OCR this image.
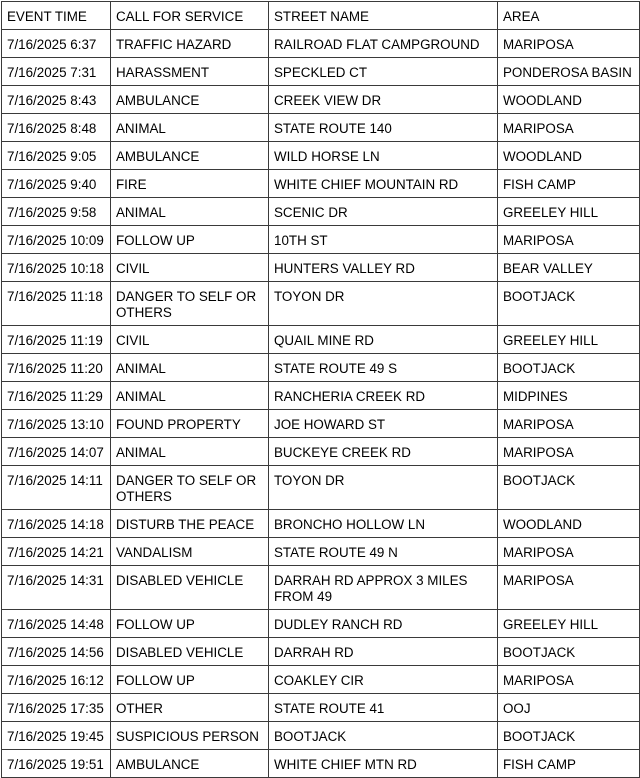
EVENT TIME	CALL FOR SERVICE	STREET NAME	AREA
7/16/2025 6:37	TRAFFIC HAZARD	RAILROAD FLAT CAMPGROUND	MARIPOSA
7/16/2025 7:31	HARASSMENT	SPECKLED CT	PONDEROSA BASIN
7/16/2025 8:43	AMBULANCE	CREEK VIEW DR	WOODLAND
7/16/2025 8:48	ANIMAL	STATE ROUTE 140	MARIPOSA
7/16/2025 9:05	AMBULANCE	WILD HORSE LN	WOODLAND
7/16/2025 9:40	FIRE	WHITE CHIEF MOUNTAIN RD	FISH CAMP
7/16/2025 9:58	ANIMAL	SCENIC DR	GREELEY HILL
7/16/2025 10:09	FOLLOW UP	10TH ST	MARIPOSA
7/16/2025 10:18	CIVIL	HUNTERS VALLEY RD	BEAR VALLEY
7/16/2025 11:18	DANGER TO SELF OR OTHERS	TOYON DR	BOOTJACK
7/16/2025 11:19	CIVIL	QUAIL MINE RD	GREELEY HILL
7/16/2025 11:20	ANIMAL	STATE ROUTE 49 S	BOOTJACK
7/16/2025 11:29	ANIMAL	RANCHERIA CREEK RD	MIDPINES
7/16/2025 13:10	FOUND PROPERTY	JOE HOWARD ST	MARIPOSA
7/16/2025 14:07	ANIMAL	BUCKEYE CREEK RD	MARIPOSA
7/16/2025 14:11	DANGER TO SELF OR OTHERS	TOYON DR	BOOTJACK
7/16/2025 14:18	DISTURB THE PEACE	BRONCHO HOLLOW LN	WOODLAND
7/16/2025 14:21	VANDALISM	STATE ROUTE 49 N	MARIPOSA
7/16/2025 14:31	DISABLED VEHICLE	DARRAH RD APPROX 3 MILES FROM 49	MARIPOSA
7/16/2025 14:48	FOLLOW UP	DUDLEY RANCH RD	GREELEY HILL
7/16/2025 14:56	DISABLED VEHICLE	DARRAH RD	BOOTJACK
7/16/2025 16:12	FOLLOW UP	COAKLEY CIR	MARIPOSA
7/16/2025 17:35	OTHER	STATE ROUTE 41	OOJ
7/16/2025 19:45	SUSPICIOUS PERSON	BOOTJACK	BOOTJACK
7/16/2025 19:51	AMBULANCE	WHITE CHIEF MTN RD	FISH CAMP
